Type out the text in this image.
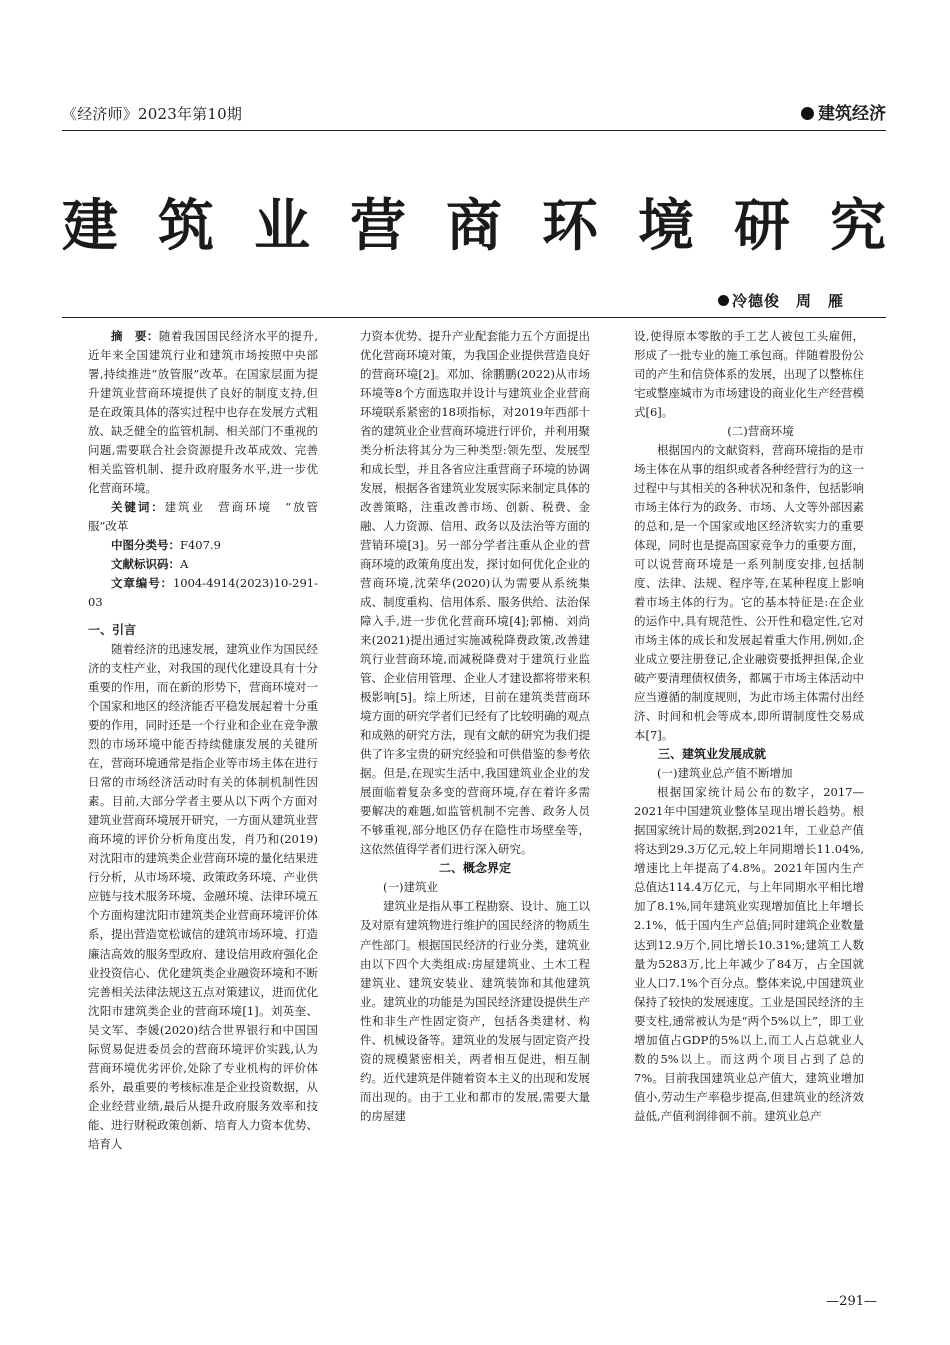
《经济师》2023年第10期	建筑经济
建 筑 业 营 商 环 境 研 究
冷德俊　周　雁

摘　要：随着我国国民经济水平的提升,近年来全国建筑行业和建筑市场按照中央部署,持续推进“放管服”改革。在国家层面为提升建筑业营商环境提供了良好的制度支持,但是在政策具体的落实过程中也存在发展方式粗放、缺乏健全的监管机制、相关部门不重视的问题,需要联合社会资源提升改革成效、完善相关监管机制、提升政府服务水平,进一步优化营商环境。

关键词：建筑业　营商环境　“放管服”改革

中图分类号：F407.9

文献标识码：A

文章编号：1004-4914(2023)10-291-03

一、引言

随着经济的迅速发展，建筑业作为国民经济的支柱产业，对我国的现代化建设具有十分重要的作用，而在新的形势下，营商环境对一个国家和地区的经济能否平稳发展起着十分重要的作用，同时还是一个行业和企业在竞争激烈的市场环境中能否持续健康发展的关键所在，营商环境通常是指企业等市场主体在进行日常的市场经济活动时有关的体制机制性因素。目前,大部分学者主要从以下两个方面对建筑业营商环境展开研究，一方面从建筑业营商环境的评价分析角度出发，肖乃和(2019)对沈阳市的建筑类企业营商环境的量化结果进行分析，从市场环境、政策政务环境、产业供应链与技术服务环境、金融环境、法律环境五个方面构建沈阳市建筑类企业营商环境评价体系，提出营造宽松诚信的建筑市场环境、打造廉洁高效的服务型政府、建设信用政府强化企业投资信心、优化建筑类企业融资环境和不断完善相关法律法规这五点对策建议，进而优化沈阳市建筑类企业的营商环境[1]。刘英奎、吴文军、李媛(2020)结合世界银行和中国国际贸易促进委员会的营商环境评价实践,认为营商环境优劣评价,处除了专业机构的评价体系外，最重要的考核标准是企业投资数据，从企业经营业绩,最后从提升政府服务效率和技能、进行财税政策创新、培育人力资本优势、培育人

力资本优势、提升产业配套能力五个方面提出优化营商环境对策，为我国企业提供营造良好的营商环境[2]。邓加、徐鹏鹏(2022)从市场环境等8个方面选取并设计与建筑业企业营商环境联系紧密的18项指标，对2019年西部十省的建筑业企业营商环境进行评价，并利用聚类分析法将其分为三种类型:领先型、发展型和成长型，并且各省应注重营商子环境的协调发展，根据各省建筑业发展实际来制定具体的改善策略，注重改善市场、创新、税费、金融、人力资源、信用、政务以及法治等方面的营销环境[3]。另一部分学者注重从企业的营商环境的政策角度出发，探讨如何优化企业的营商环境,沈荣华(2020)认为需要从系统集成、制度重构、信用体系、服务供给、法治保障入手,进一步优化营商环境[4];郭楠、刘尚来(2021)提出通过实施减税降费政策,改善建筑行业营商环境,而减税降费对于建筑行业监管、企业信用管理、企业人才建设都将带来积极影响[5]。综上所述，目前在建筑类营商环境方面的研究学者们已经有了比较明确的观点和成熟的研究方法，现有文献的研究为我们提供了许多宝贵的研究经验和可供借鉴的参考依据。但是,在现实生活中,我国建筑业企业的发展面临着复杂多变的营商环境,存在着许多需要解决的难题,如监管机制不完善、政务人员不够重视,部分地区仍存在隐性市场壁垒等，这依然值得学者们进行深入研究。

二、概念界定

(一)建筑业

建筑业是指从事工程勘察、设计、施工以及对原有建筑物进行维护的国民经济的物质生产性部门。根据国民经济的行业分类，建筑业由以下四个大类组成:房屋建筑业、土木工程建筑业、建筑安装业、建筑装饰和其他建筑业。建筑业的功能是为国民经济建设提供生产性和非生产性固定资产，包括各类建材、构件、机械设备等。建筑业的发展与固定资产投资的规模紧密相关，两者相互促进，相互制约。近代建筑是伴随着资本主义的出现和发展而出现的。由于工业和都市的发展,需要大量的房屋建

设,使得原本零散的手工艺人被包工头雇佣，形成了一批专业的施工承包商。伴随着股份公司的产生和信贷体系的发展，出现了以整栋住宅或整座城市为市场建设的商业化生产经营模式[6]。

(二)营商环境

根据国内的文献资料，营商环境指的是市场主体在从事的组织或者各种经营行为的这一过程中与其相关的各种状况和条件，包括影响市场主体行为的政务、市场、人文等外部因素的总和,是一个国家或地区经济软实力的重要体现，同时也是提高国家竞争力的重要方面，可以说营商环境是一系列制度安排,包括制度、法律、法规、程序等,在某种程度上影响着市场主体的行为。它的基本特征是:在企业的运作中,具有规范性、公开性和稳定性,它对市场主体的成长和发展起着重大作用,例如,企业成立要注册登记,企业融资要抵押担保,企业破产要清理债权债务，都属于市场主体活动中应当遵循的制度规则，为此市场主体需付出经济、时间和机会等成本,即所谓制度性交易成本[7]。

三、建筑业发展成就

(一)建筑业总产值不断增加

根据国家统计局公布的数字，2017—2021年中国建筑业整体呈现出增长趋势。根据国家统计局的数据,到2021年，工业总产值将达到29.3万亿元,较上年同期增长11.04%,增速比上年提高了4.8%。2021年国内生产总值达114.4万亿元，与上年同期水平相比增加了8.1%,同年建筑业实现增加值比上年增长2.1%，低于国内生产总值;同时建筑企业数量达到12.9万个,同比增长10.31%;建筑工人数量为5283万,比上年减少了84万，占全国就业人口7.1%个百分点。整体来说,中国建筑业保持了较快的发展速度。工业是国民经济的主要支柱,通常被认为是“两个5%以上”，即工业增加值占GDP的5%以上,而工人占总就业人数的5%以上。而这两个项目占到了总的7%。目前我国建筑业总产值大，建筑业增加值小,劳动生产率稳步提高,但建筑业的经济效益低,产值利润徘徊不前。建筑业总产

—291—
